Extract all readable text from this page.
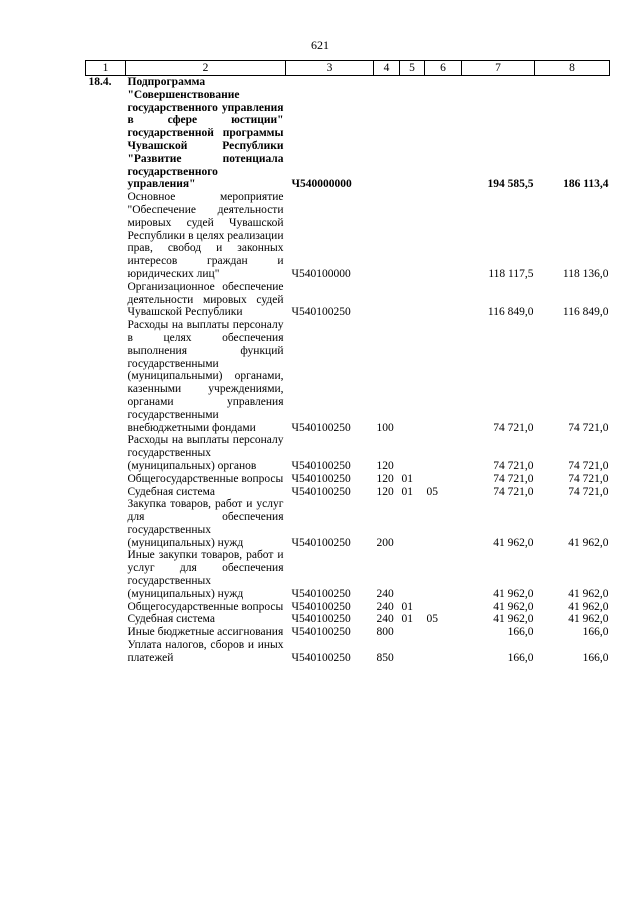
621
1	2	3	4	5	6	7	8
18.4.	Подпрограмма "Совершенствование государственного управления в сфере юстиции" государственной программы Чувашской Республики "Развитие потенциала государственного управления"	Ч540000000				194 585,5	186 113,4
	Основное мероприятие "Обеспечение деятельности мировых судей Чувашской Республики в целях реализации прав, свобод и законных интересов граждан и юридических лиц"	Ч540100000				118 117,5	118 136,0
	Организационное обеспечение деятельности мировых судей Чувашской Республики	Ч540100250				116 849,0	116 849,0
	Расходы на выплаты персоналу в целях обеспечения выполнения функций государственными (муниципальными) органами, казенными учреждениями, органами управления государственными внебюджетными фондами	Ч540100250	100			74 721,0	74 721,0
	Расходы на выплаты персоналу государственных (муниципальных) органов	Ч540100250	120			74 721,0	74 721,0
	Общегосударственные вопросы	Ч540100250	120	01		74 721,0	74 721,0
	Судебная система	Ч540100250	120	01	05	74 721,0	74 721,0
	Закупка товаров, работ и услуг для обеспечения государственных (муниципальных) нужд	Ч540100250	200			41 962,0	41 962,0
	Иные закупки товаров, работ и услуг для обеспечения государственных (муниципальных) нужд	Ч540100250	240			41 962,0	41 962,0
	Общегосударственные вопросы	Ч540100250	240	01		41 962,0	41 962,0
	Судебная система	Ч540100250	240	01	05	41 962,0	41 962,0
	Иные бюджетные ассигнования	Ч540100250	800			166,0	166,0
	Уплата налогов, сборов и иных платежей	Ч540100250	850			166,0	166,0
